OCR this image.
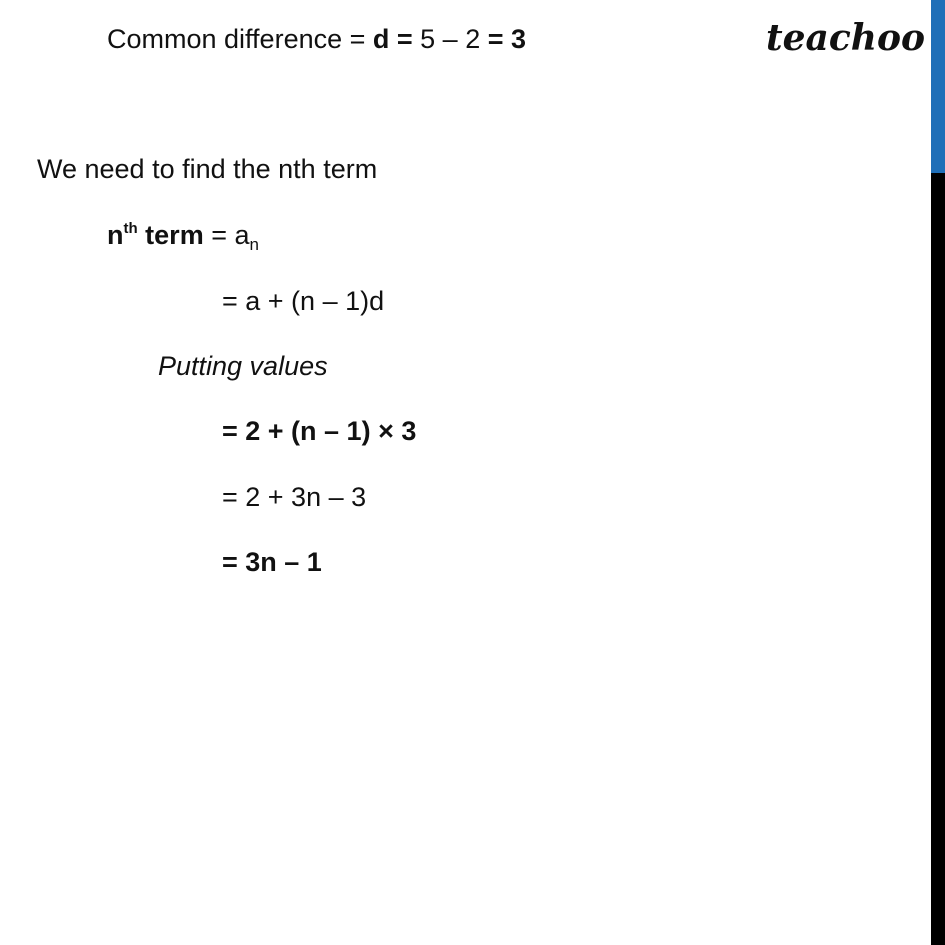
Common difference = d = 5 – 2 = 3	teachoo
We need to find the nth term
$n^{th}$ term = $a_n$
= a + (n – 1)d
Putting values
= 2 + (n – 1) × 3
= 2 + 3n – 3
= 3n – 1
